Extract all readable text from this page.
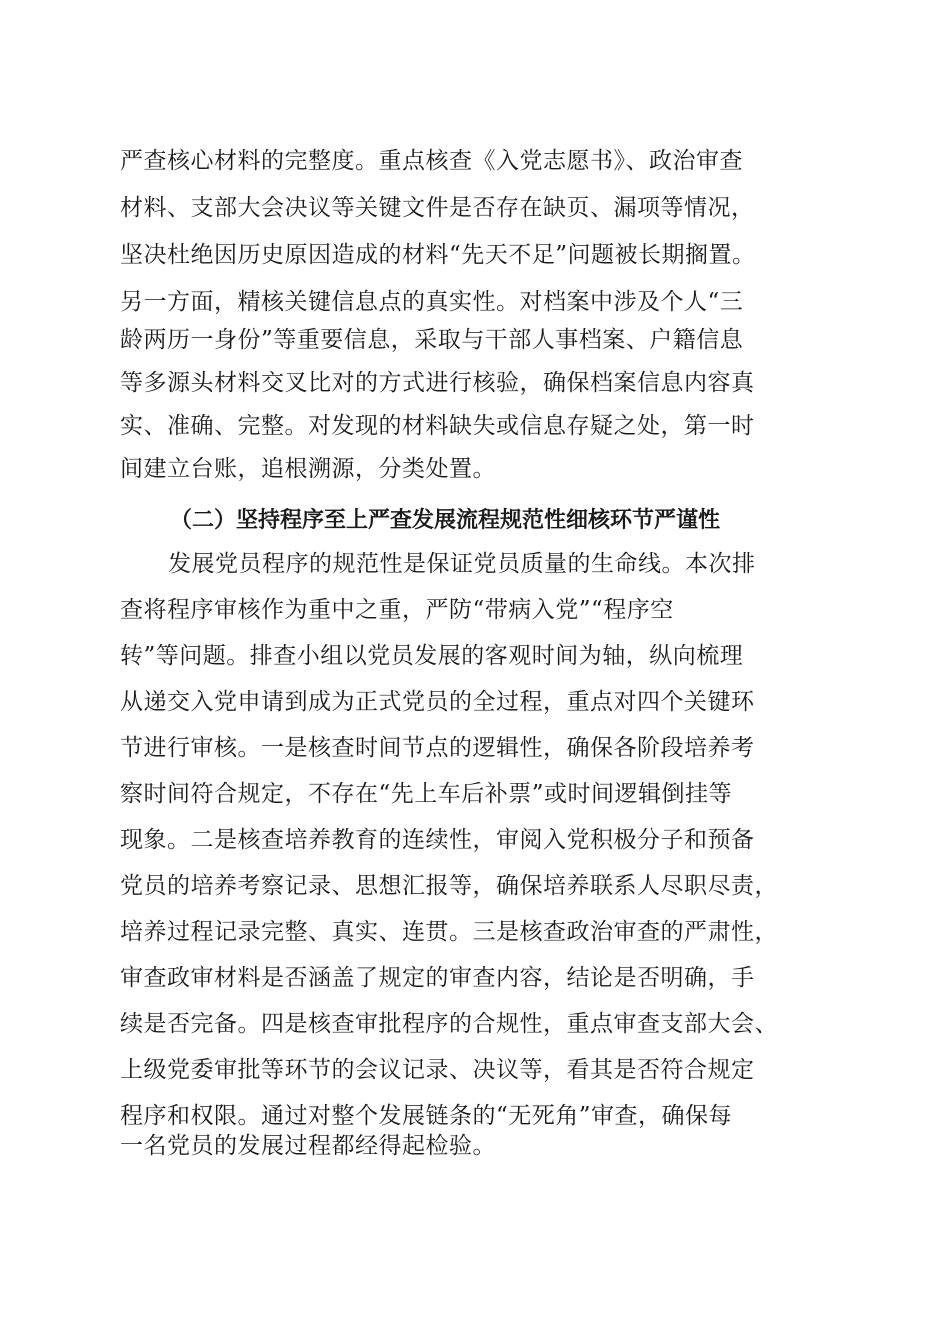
严查核心材料的完整度。重点核查《入党志愿书》、政治审查
材料、支部大会决议等关键文件是否存在缺页、漏项等情况，
坚决杜绝因历史原因造成的材料“先天不足”问题被长期搁置。
另一方面，精核关键信息点的真实性。对档案中涉及个人“三
龄两历一身份”等重要信息，采取与干部人事档案、户籍信息
等多源头材料交叉比对的方式进行核验，确保档案信息内容真
实、准确、完整。对发现的材料缺失或信息存疑之处，第一时
间建立台账，追根溯源，分类处置。
（二）坚持程序至上严查发展流程规范性细核环节严谨性
发展党员程序的规范性是保证党员质量的生命线。本次排
查将程序审核作为重中之重，严防“带病入党”“程序空
转”等问题。排查小组以党员发展的客观时间为轴，纵向梳理
从递交入党申请到成为正式党员的全过程，重点对四个关键环
节进行审核。一是核查时间节点的逻辑性，确保各阶段培养考
察时间符合规定，不存在“先上车后补票”或时间逻辑倒挂等
现象。二是核查培养教育的连续性，审阅入党积极分子和预备
党员的培养考察记录、思想汇报等，确保培养联系人尽职尽责，
培养过程记录完整、真实、连贯。三是核查政治审查的严肃性，
审查政审材料是否涵盖了规定的审查内容，结论是否明确，手
续是否完备。四是核查审批程序的合规性，重点审查支部大会、
上级党委审批等环节的会议记录、决议等，看其是否符合规定
程序和权限。通过对整个发展链条的“无死角”审查，确保每
一名党员的发展过程都经得起检验。
